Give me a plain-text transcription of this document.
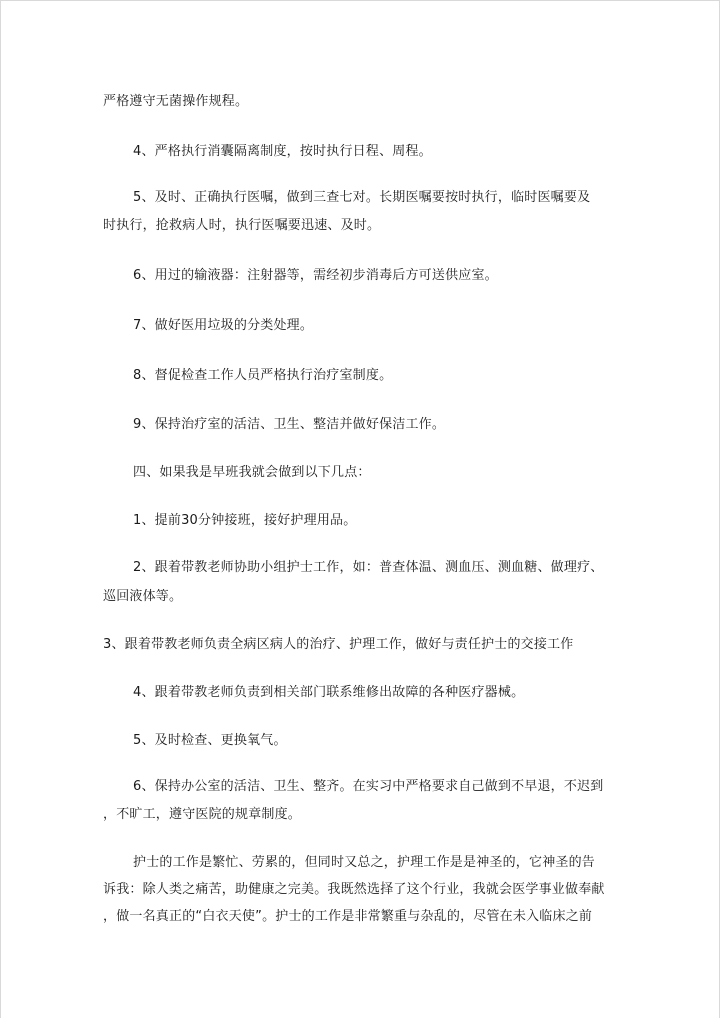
严格遵守无菌操作规程。
4、严格执行消囊隔离制度，按时执行日程、周程。
5、及时、正确执行医嘱，做到三查七对。长期医嘱要按时执行，临时医嘱要及
时执行，抢救病人时，执行医嘱要迅速、及时。
6、用过的输液器：注射器等，需经初步消毒后方可送供应室。
7、做好医用垃圾的分类处理。
8、督促检查工作人员严格执行治疗室制度。
9、保持治疗室的活洁、卫生、整洁并做好保洁工作。
四、如果我是早班我就会做到以下几点：
1、提前30分钟接班，接好护理用品。
2、跟着带教老师协助小组护士工作，如：普查体温、测血压、测血糖、做理疗、
巡回液体等。
3、跟着带教老师负责全病区病人的治疗、护理工作，做好与责任护士的交接工作
4、跟着带教老师负责到相关部门联系维修出故障的各种医疗器械。
5、及时检查、更换氧气。
6、保持办公室的活洁、卫生、整齐。在实习中严格要求自己做到不早退，不迟到
，不旷工，遵守医院的规章制度。
护士的工作是繁忙、劳累的，但同时又总之，护理工作是是神圣的，它神圣的告
诉我：除人类之痛苦，助健康之完美。我既然选择了这个行业，我就会医学事业做奉献
，做一名真正的“白衣天使”。护士的工作是非常繁重与杂乱的，尽管在未入临床之前
